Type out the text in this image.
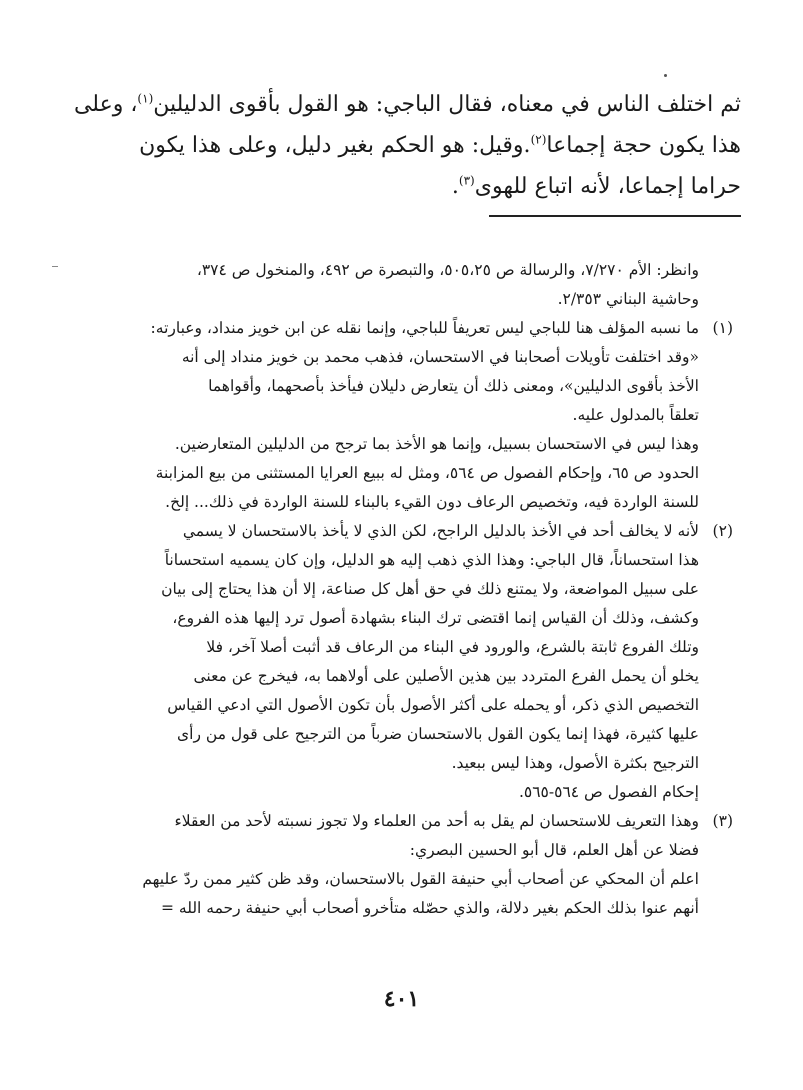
ثم اختلف الناس في معناه، فقال الباجي: هو القول بأقوى الدليلين$^{(١)}$، وعلى

هذا يكون حجة إجماعا$^{(٢)}$.وقيل: هو الحكم بغير دليل، وعلى هذا يكون

حراما إجماعا، لأنه اتباع للهوى$^{(٣)}$.

وانظر: الأم ٧/٢٧٠، والرسالة ص ٥٠٥،٢٥، والتبصرة ص ٤٩٢، والمنخول ص ٣٧٤،

وحاشية البناني ٢/٣٥٣.

(١)

ما نسبه المؤلف هنا للباجي ليس تعريفاً للباجي، وإنما نقله عن ابن خويز منداد، وعبارته:

«وقد اختلفت تأويلات أصحابنا في الاستحسان، فذهب محمد بن خويز منداد إلى أنه

الأخذ بأقوى الدليلين»، ومعنى ذلك أن يتعارض دليلان فيأخذ بأصحهما، وأقواهما

تعلقاً بالمدلول عليه.

وهذا ليس في الاستحسان بسبيل، وإنما هو الأخذ بما ترجح من الدليلين المتعارضين.

الحدود ص ٦٥، وإحكام الفصول ص ٥٦٤، ومثل له ببيع العرايا المستثنى من بيع المزابنة

للسنة الواردة فيه، وتخصيص الرعاف دون القيء بالبناء للسنة الواردة في ذلك... إلخ.

(٢)

لأنه لا يخالف أحد في الأخذ بالدليل الراجح، لكن الذي لا يأخذ بالاستحسان لا يسمي

هذا استحساناً، قال الباجي: وهذا الذي ذهب إليه هو الدليل، وإن كان يسميه استحساناً

على سبيل المواضعة، ولا يمتنع ذلك في حق أهل كل صناعة، إلا أن هذا يحتاج إلى بيان

وكشف، وذلك أن القياس إنما اقتضى ترك البناء بشهادة أصول ترد إليها هذه الفروع،

وتلك الفروع ثابتة بالشرع، والورود في البناء من الرعاف قد أثبت أصلا آخر، فلا

يخلو أن يحمل الفرع المتردد بين هذين الأصلين على أولاهما به، فيخرج عن معنى

التخصيص الذي ذكر، أو يحمله على أكثر الأصول بأن تكون الأصول التي ادعي القياس

عليها كثيرة، فهذا إنما يكون القول بالاستحسان ضرباً من الترجيح على قول من رأى

الترجيح بكثرة الأصول، وهذا ليس ببعيد.

إحكام الفصول ص ٥٦٤-٥٦٥.

(٣)

وهذا التعريف للاستحسان لم يقل به أحد من العلماء ولا تجوز نسبته لأحد من العقلاء

فضلا عن أهل العلم، قال أبو الحسين البصري:

اعلم أن المحكي عن أصحاب أبي حنيفة القول بالاستحسان، وقد ظن كثير ممن ردّ عليهم

أنهم عنوا بذلك الحكم بغير دلالة، والذي حصّله متأخرو أصحاب أبي حنيفة رحمه الله =

٤٠١
